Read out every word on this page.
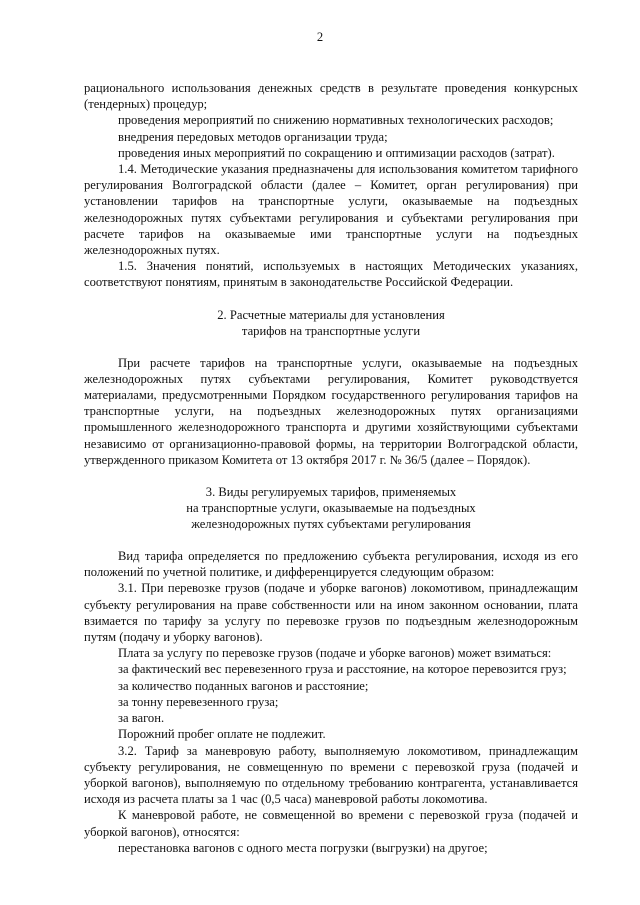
2

рационального использования денежных средств в результате проведения конкурсных (тендерных) процедур;

проведения мероприятий по снижению нормативных технологических расходов;

внедрения передовых методов организации труда;

проведения иных мероприятий по сокращению и оптимизации расходов (затрат).

1.4. Методические указания предназначены для использования комитетом тарифного регулирования Волгоградской области (далее – Комитет, орган регулирования) при установлении тарифов на транспортные услуги, оказываемые на подъездных железнодорожных путях субъектами регулирования и субъектами регулирования при расчете тарифов на оказываемые ими транспортные услуги на подъездных железнодорожных путях.

1.5. Значения понятий, используемых в настоящих Методических указаниях, соответствуют понятиям, принятым в законодательстве Российской Федерации.

2. Расчетные материалы для установления

тарифов на транспортные услуги

При расчете тарифов на транспортные услуги, оказываемые на подъездных железнодорожных путях субъектами регулирования, Комитет руководствуется материалами, предусмотренными Порядком государственного регулирования тарифов на транспортные услуги, на подъездных железнодорожных путях организациями промышленного железнодорожного транспорта и другими хозяйствующими субъектами независимо от организационно-правовой формы, на территории Волгоградской области, утвержденного приказом Комитета от 13 октября 2017 г. № 36/5 (далее – Порядок).

3. Виды регулируемых тарифов, применяемых

на транспортные услуги, оказываемые на подъездных

железнодорожных путях субъектами регулирования

Вид тарифа определяется по предложению субъекта регулирования, исходя из его положений по учетной политике, и дифференцируется следующим образом:

3.1. При перевозке грузов (подаче и уборке вагонов) локомотивом, принадлежащим субъекту регулирования на праве собственности или на ином законном основании, плата взимается по тарифу за услугу по перевозке грузов по подъездным железнодорожным путям (подачу и уборку вагонов).

Плата за услугу по перевозке грузов (подаче и уборке вагонов) может взиматься:

за фактический вес перевезенного груза и расстояние, на которое перевозится груз;

за количество поданных вагонов и расстояние;

за тонну перевезенного груза;

за вагон.

Порожний пробег оплате не подлежит.

3.2. Тариф за маневровую работу, выполняемую локомотивом, принадлежащим субъекту регулирования, не совмещенную по времени с перевозкой груза (подачей и уборкой вагонов), выполняемую по отдельному требованию контрагента, устанавливается исходя из расчета платы за 1 час (0,5 часа) маневровой работы локомотива.

К маневровой работе, не совмещенной во времени с перевозкой груза (подачей и уборкой вагонов), относятся:

перестановка вагонов с одного места погрузки (выгрузки) на другое;
